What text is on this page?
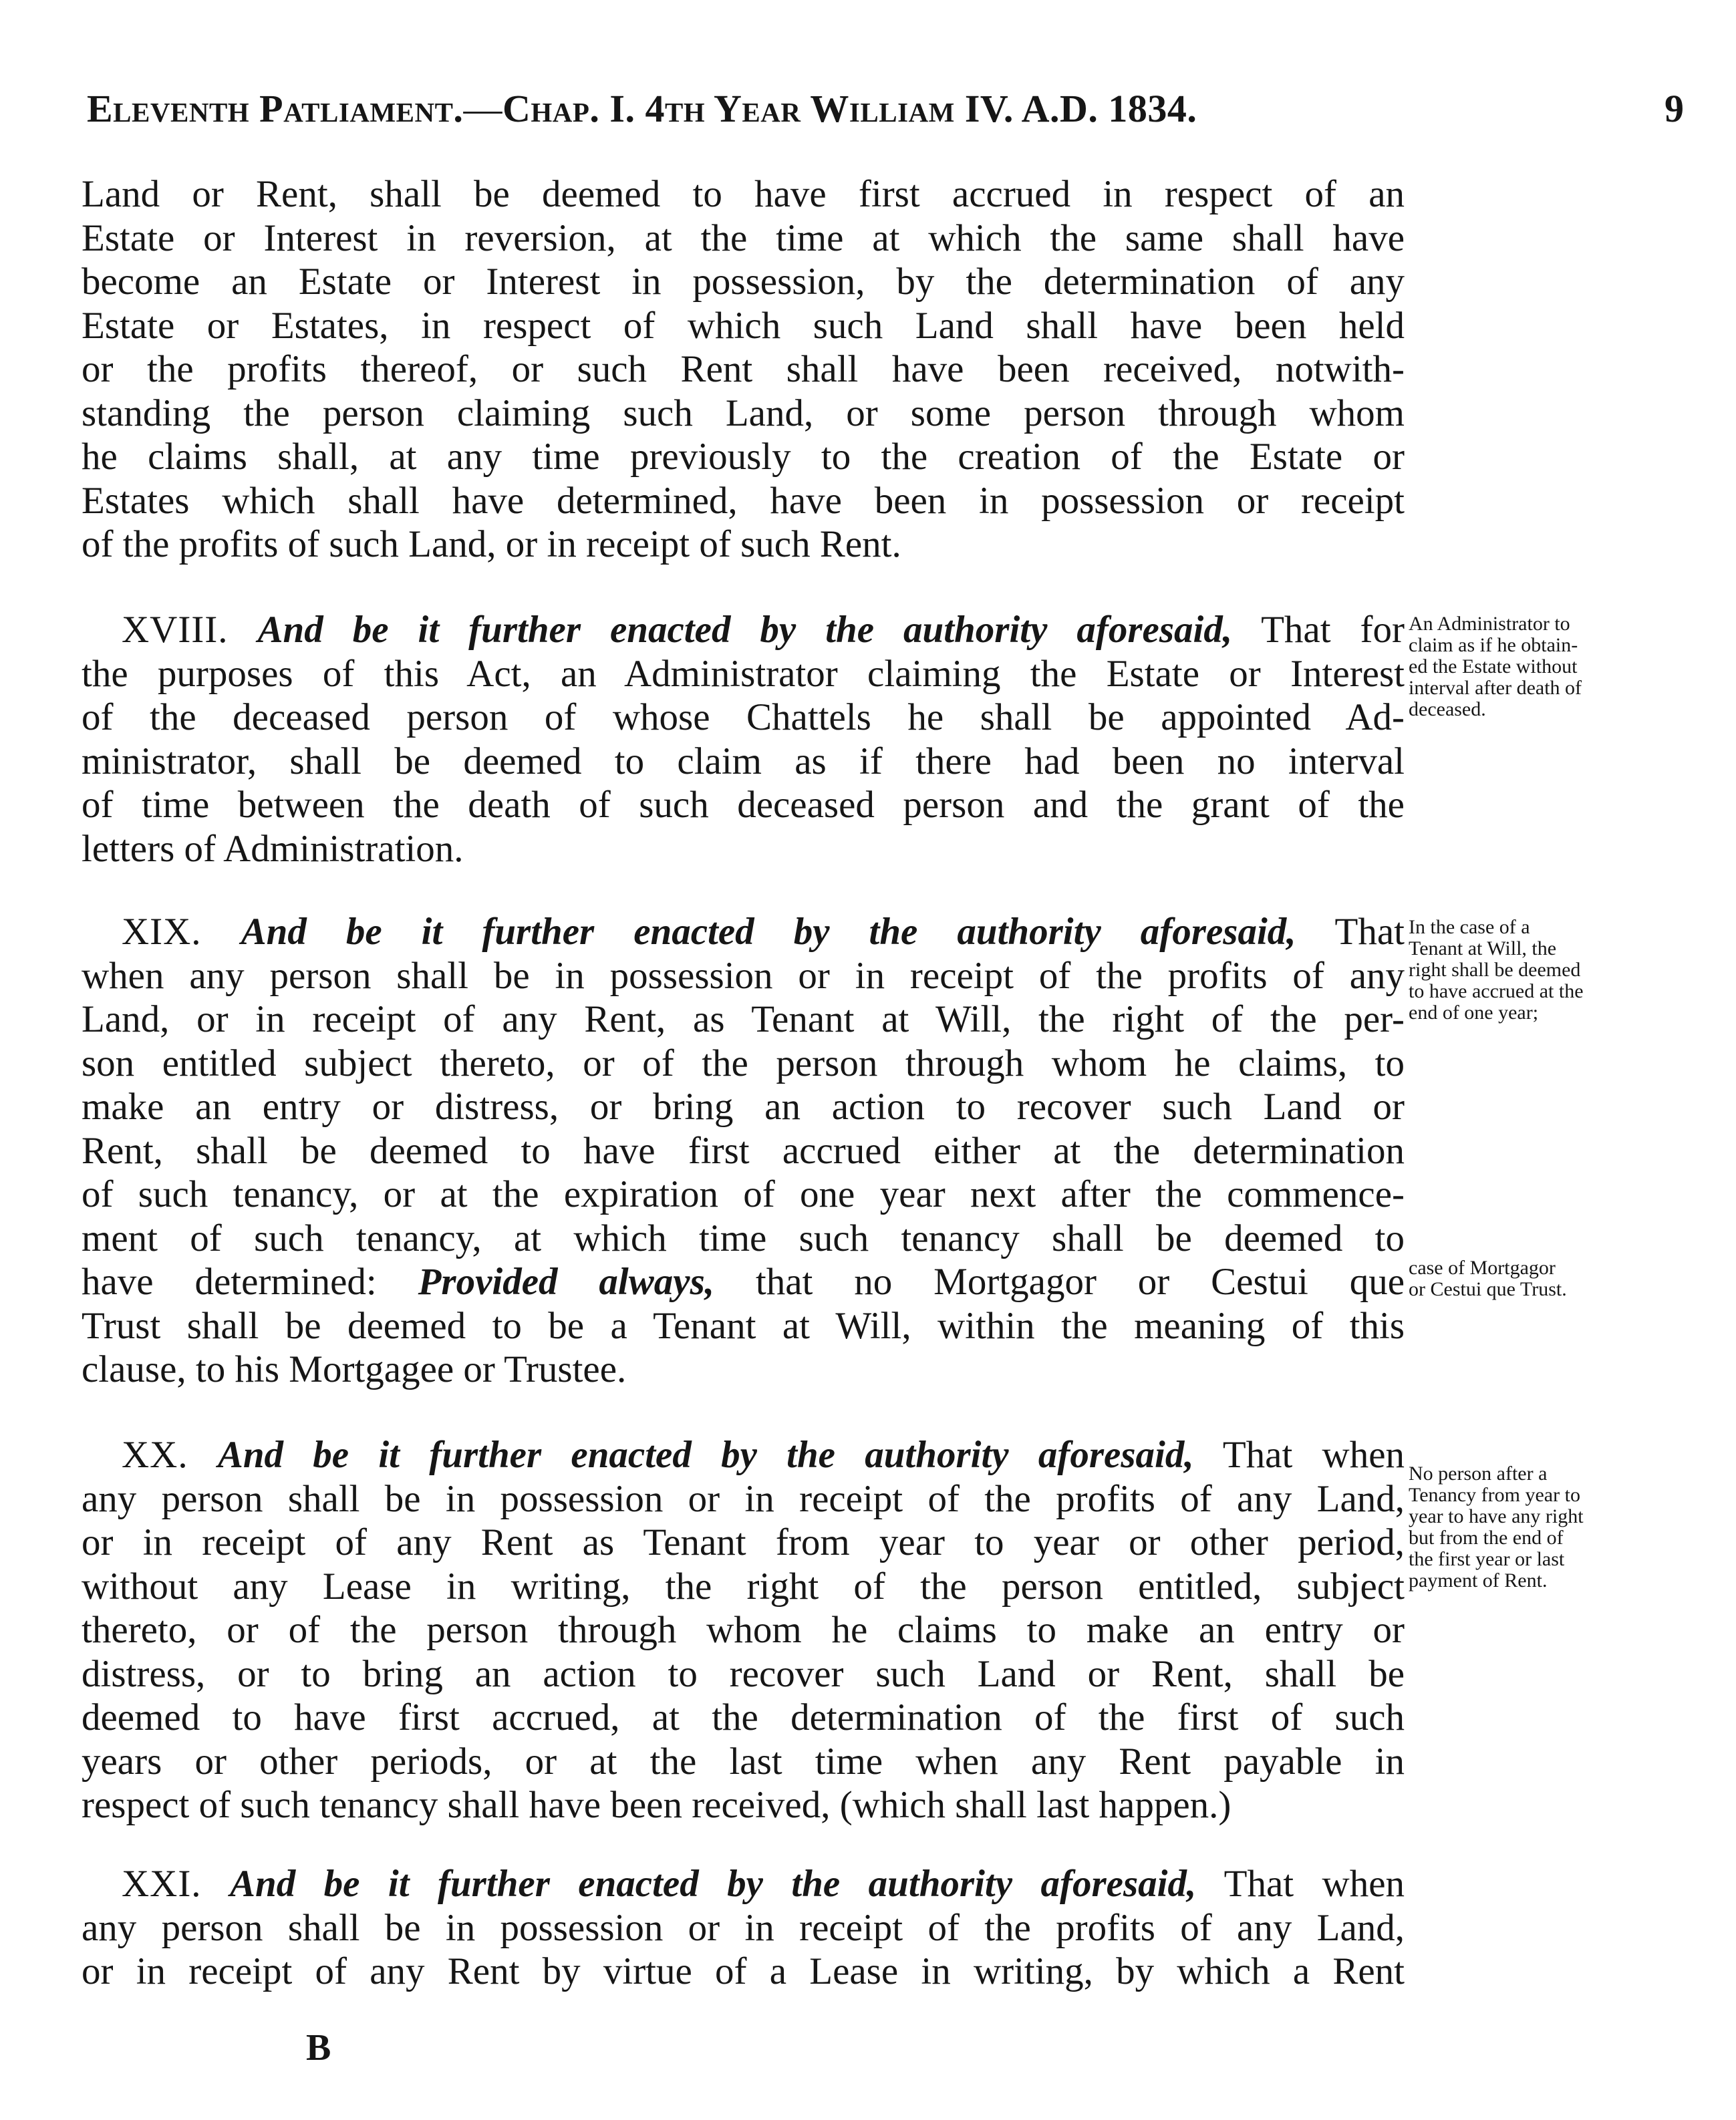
Eleventh Patliament.—Chap. I. 4th Year William IV. A.D. 1834.	9
Land or Rent, shall be deemed to have first accrued in respect of an
Estate or Interest in reversion, at the time at which the same shall have
become an Estate or Interest in possession, by the determination of any
Estate or Estates, in respect of which such Land shall have been held
or the profits thereof, or such Rent shall have been received, notwith-
standing the person claiming such Land, or some person through whom
he claims shall, at any time previously to the creation of the Estate or
Estates which shall have determined, have been in possession or receipt
of the profits of such Land, or in receipt of such Rent.
XVIII. And be it further enacted by the authority aforesaid, That for
the purposes of this Act, an Administrator claiming the Estate or Interest
of the deceased person of whose Chattels he shall be appointed Ad-
ministrator, shall be deemed to claim as if there had been no interval
of time between the death of such deceased person and the grant of the
letters of Administration.
An Administrator to
claim as if he obtain-
ed the Estate without
interval after death of
deceased.
XIX. And be it further enacted by the authority aforesaid, That
when any person shall be in possession or in receipt of the profits of any
Land, or in receipt of any Rent, as Tenant at Will, the right of the per-
son entitled subject thereto, or of the person through whom he claims, to
make an entry or distress, or bring an action to recover such Land or
Rent, shall be deemed to have first accrued either at the determination
of such tenancy, or at the expiration of one year next after the commence-
ment of such tenancy, at which time such tenancy shall be deemed to
have determined: Provided always, that no Mortgagor or Cestui que
Trust shall be deemed to be a Tenant at Will, within the meaning of this
clause, to his Mortgagee or Trustee.
In the case of a
Tenant at Will, the
right shall be deemed
to have accrued at the
end of one year;
case of Mortgagor
or Cestui que Trust.
XX. And be it further enacted by the authority aforesaid, That when
any person shall be in possession or in receipt of the profits of any Land,
or in receipt of any Rent as Tenant from year to year or other period,
without any Lease in writing, the right of the person entitled, subject
thereto, or of the person through whom he claims to make an entry or
distress, or to bring an action to recover such Land or Rent, shall be
deemed to have first accrued, at the determination of the first of such
years or other periods, or at the last time when any Rent payable in
respect of such tenancy shall have been received, (which shall last happen.)
No person after a
Tenancy from year to
year to have any right
but from the end of
the first year or last
payment of Rent.
XXI. And be it further enacted by the authority aforesaid, That when
any person shall be in possession or in receipt of the profits of any Land,
or in receipt of any Rent by virtue of a Lease in writing, by which a Rent
B
